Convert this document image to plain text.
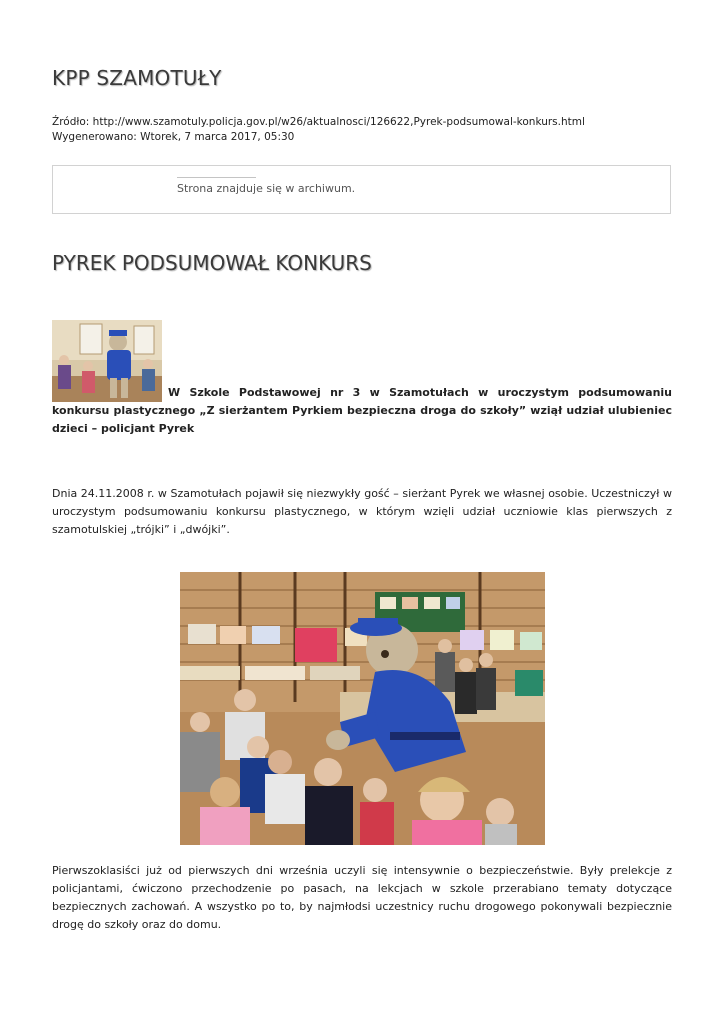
KPP SZAMOTUŁY
Źródło: http://www.szamotuly.policja.gov.pl/w26/aktualnosci/126622,Pyrek-podsumowal-konkurs.html
Wygenerowano: Wtorek, 7 marca 2017, 05:30
Strona znajduje się w archiwum.
PYREK PODSUMOWAŁ KONKURS
W Szkole Podstawowej nr 3 w Szamotułach w uroczystym podsumowaniu konkursu plastycznego „Z sierżantem Pyrkiem bezpieczna droga do szkoły” wziął udział ulubieniec dzieci – policjant Pyrek

Dnia 24.11.2008 r. w Szamotułach pojawił się niezwykły gość – sierżant Pyrek we własnej osobie. Uczestniczył w uroczystym podsumowaniu konkursu plastycznego, w którym wzięli udział uczniowie klas pierwszych z szamotulskiej „trójki” i „dwójki”.

Pierwszoklasiści już od pierwszych dni września uczyli się intensywnie o bezpieczeństwie. Były prelekcje z policjantami, ćwiczono przechodzenie po pasach, na lekcjach w szkole przerabiano tematy dotyczące bezpiecznych zachowań. A wszystko po to, by najmłodsi uczestnicy ruchu drogowego pokonywali bezpiecznie drogę do szkoły oraz do domu.
